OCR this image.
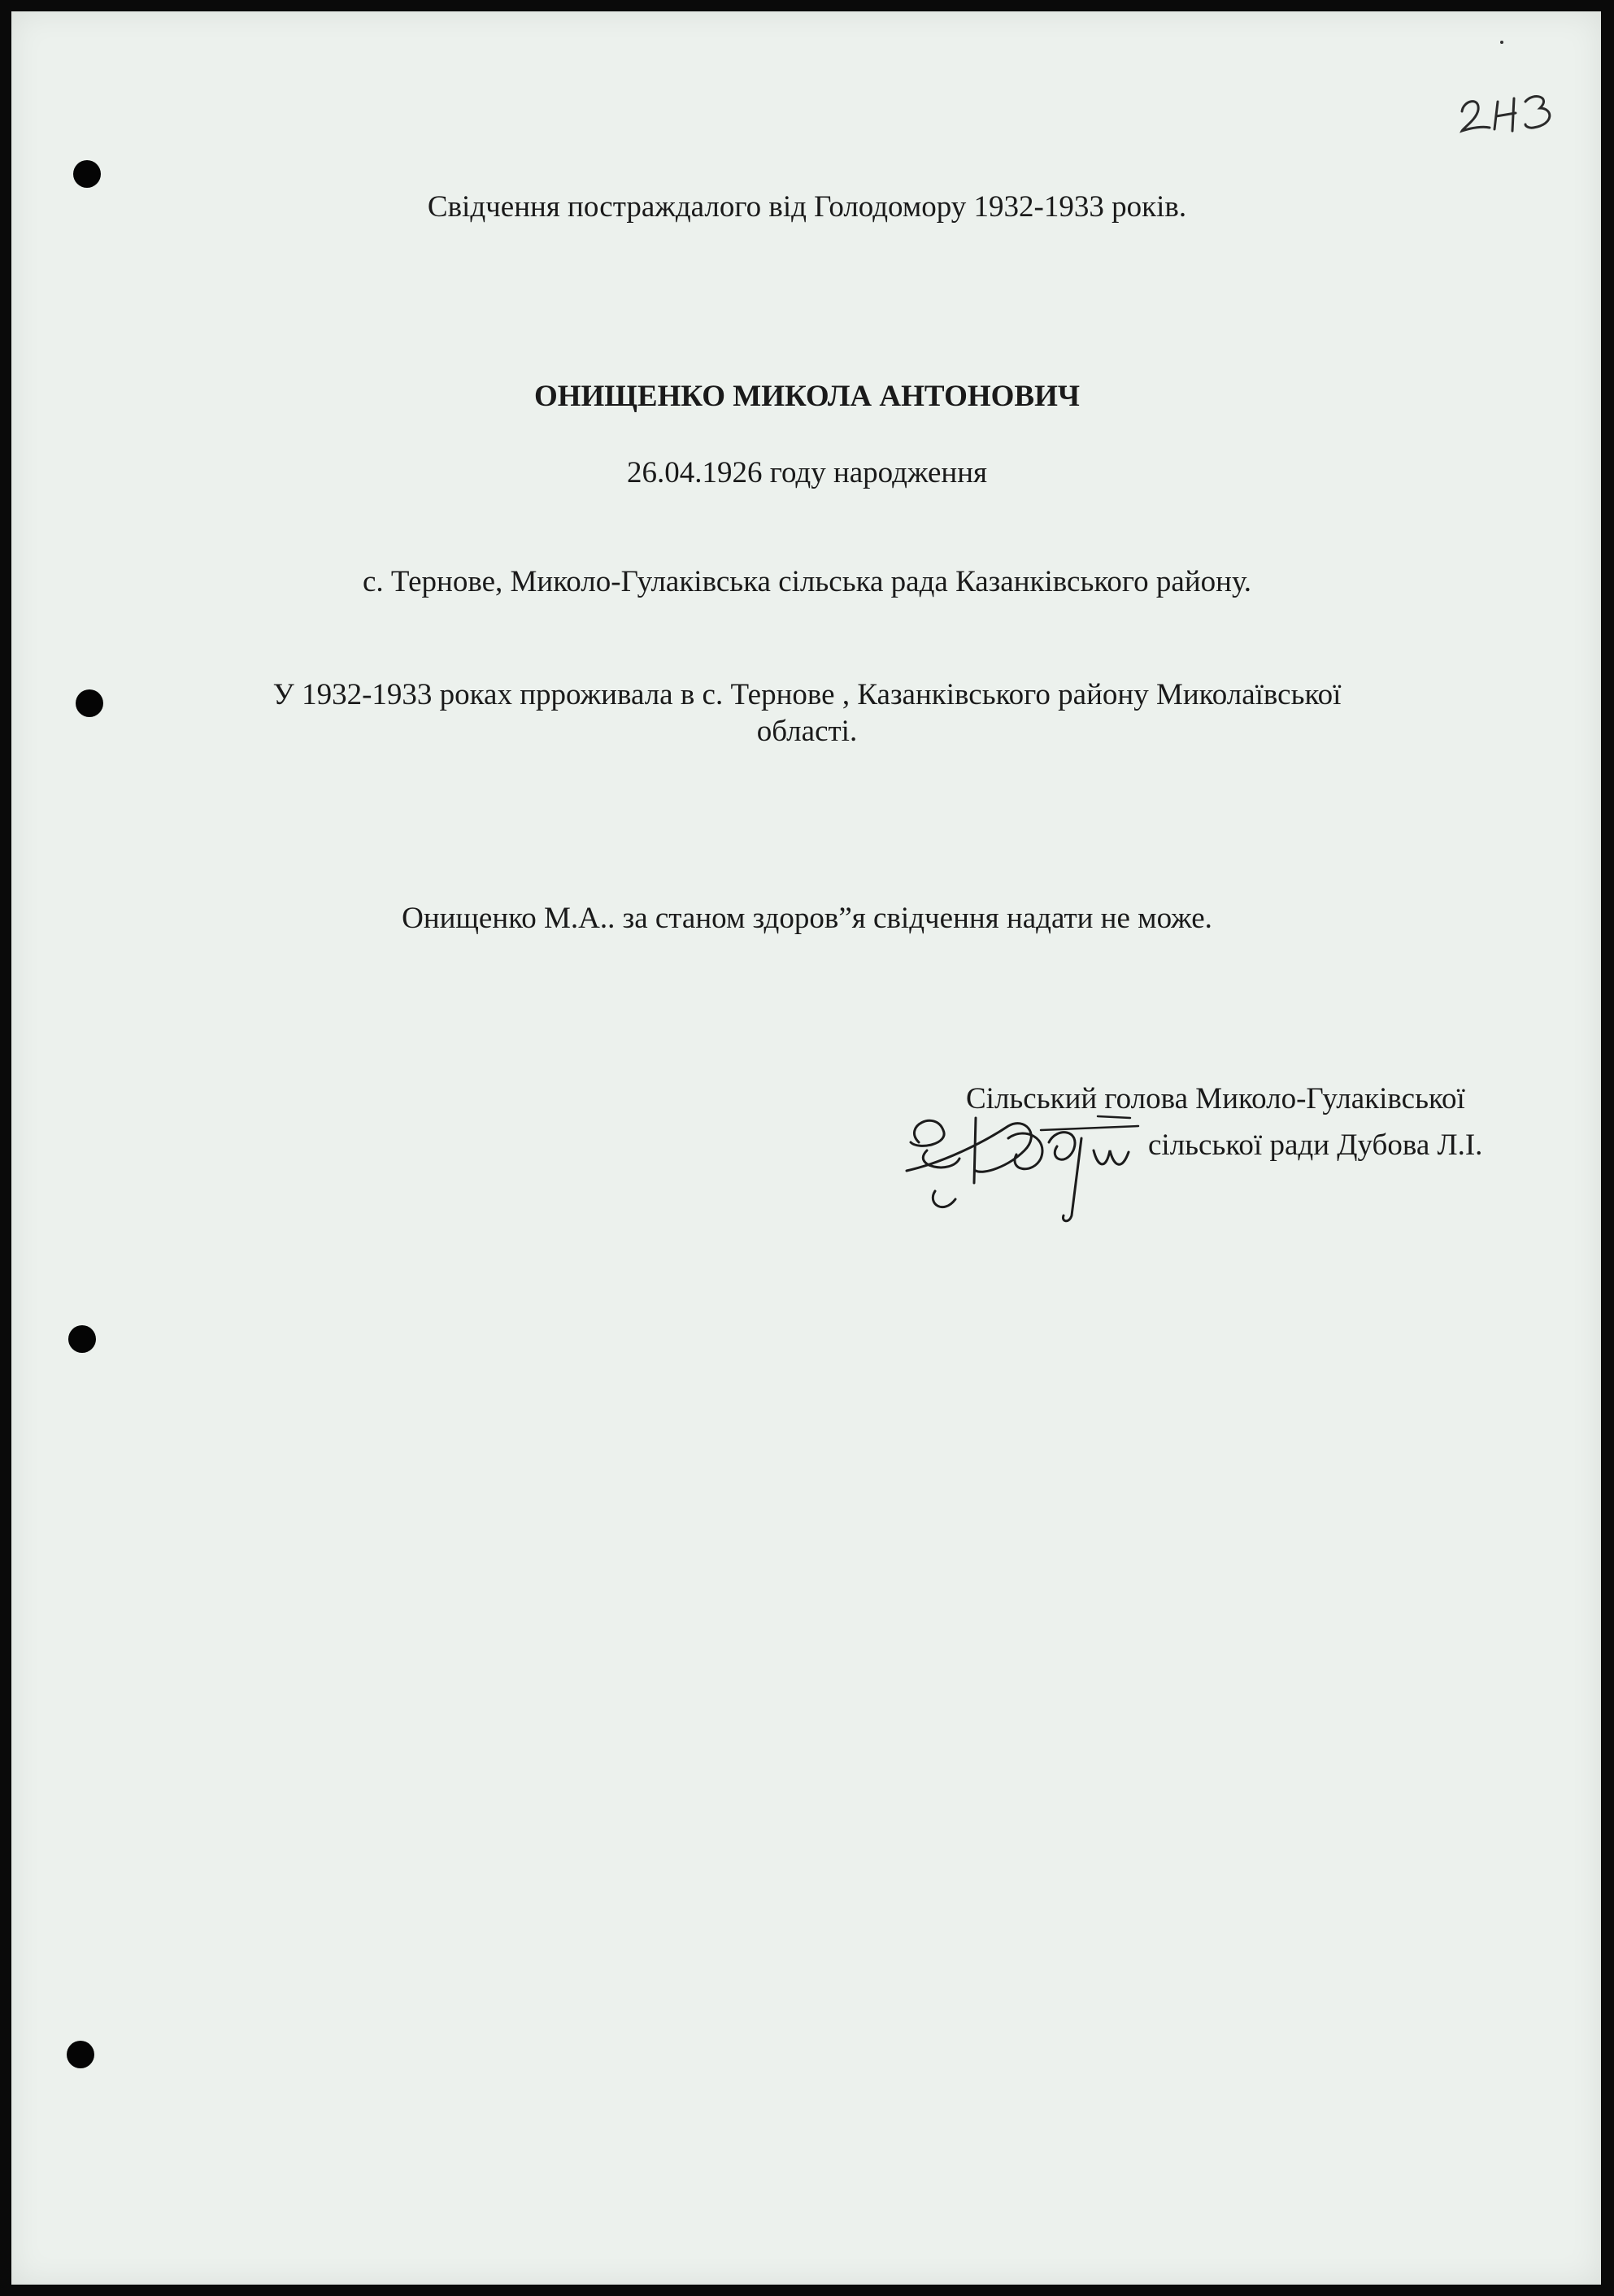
Свідчення постраждалого від Голодомору 1932-1933 років.
ОНИЩЕНКО МИКОЛА АНТОНОВИЧ
26.04.1926 году народження
с. Тернове, Миколо-Гулаківська сільська рада Казанківського району.
У 1932-1933 роках прроживала в с. Тернове , Казанківського району Миколаївської
області.
Онищенко М.А.. за станом здоров”я свідчення надати не може.
Сільський голова Миколо-Гулаківської
сільської ради Дубова Л.І.
